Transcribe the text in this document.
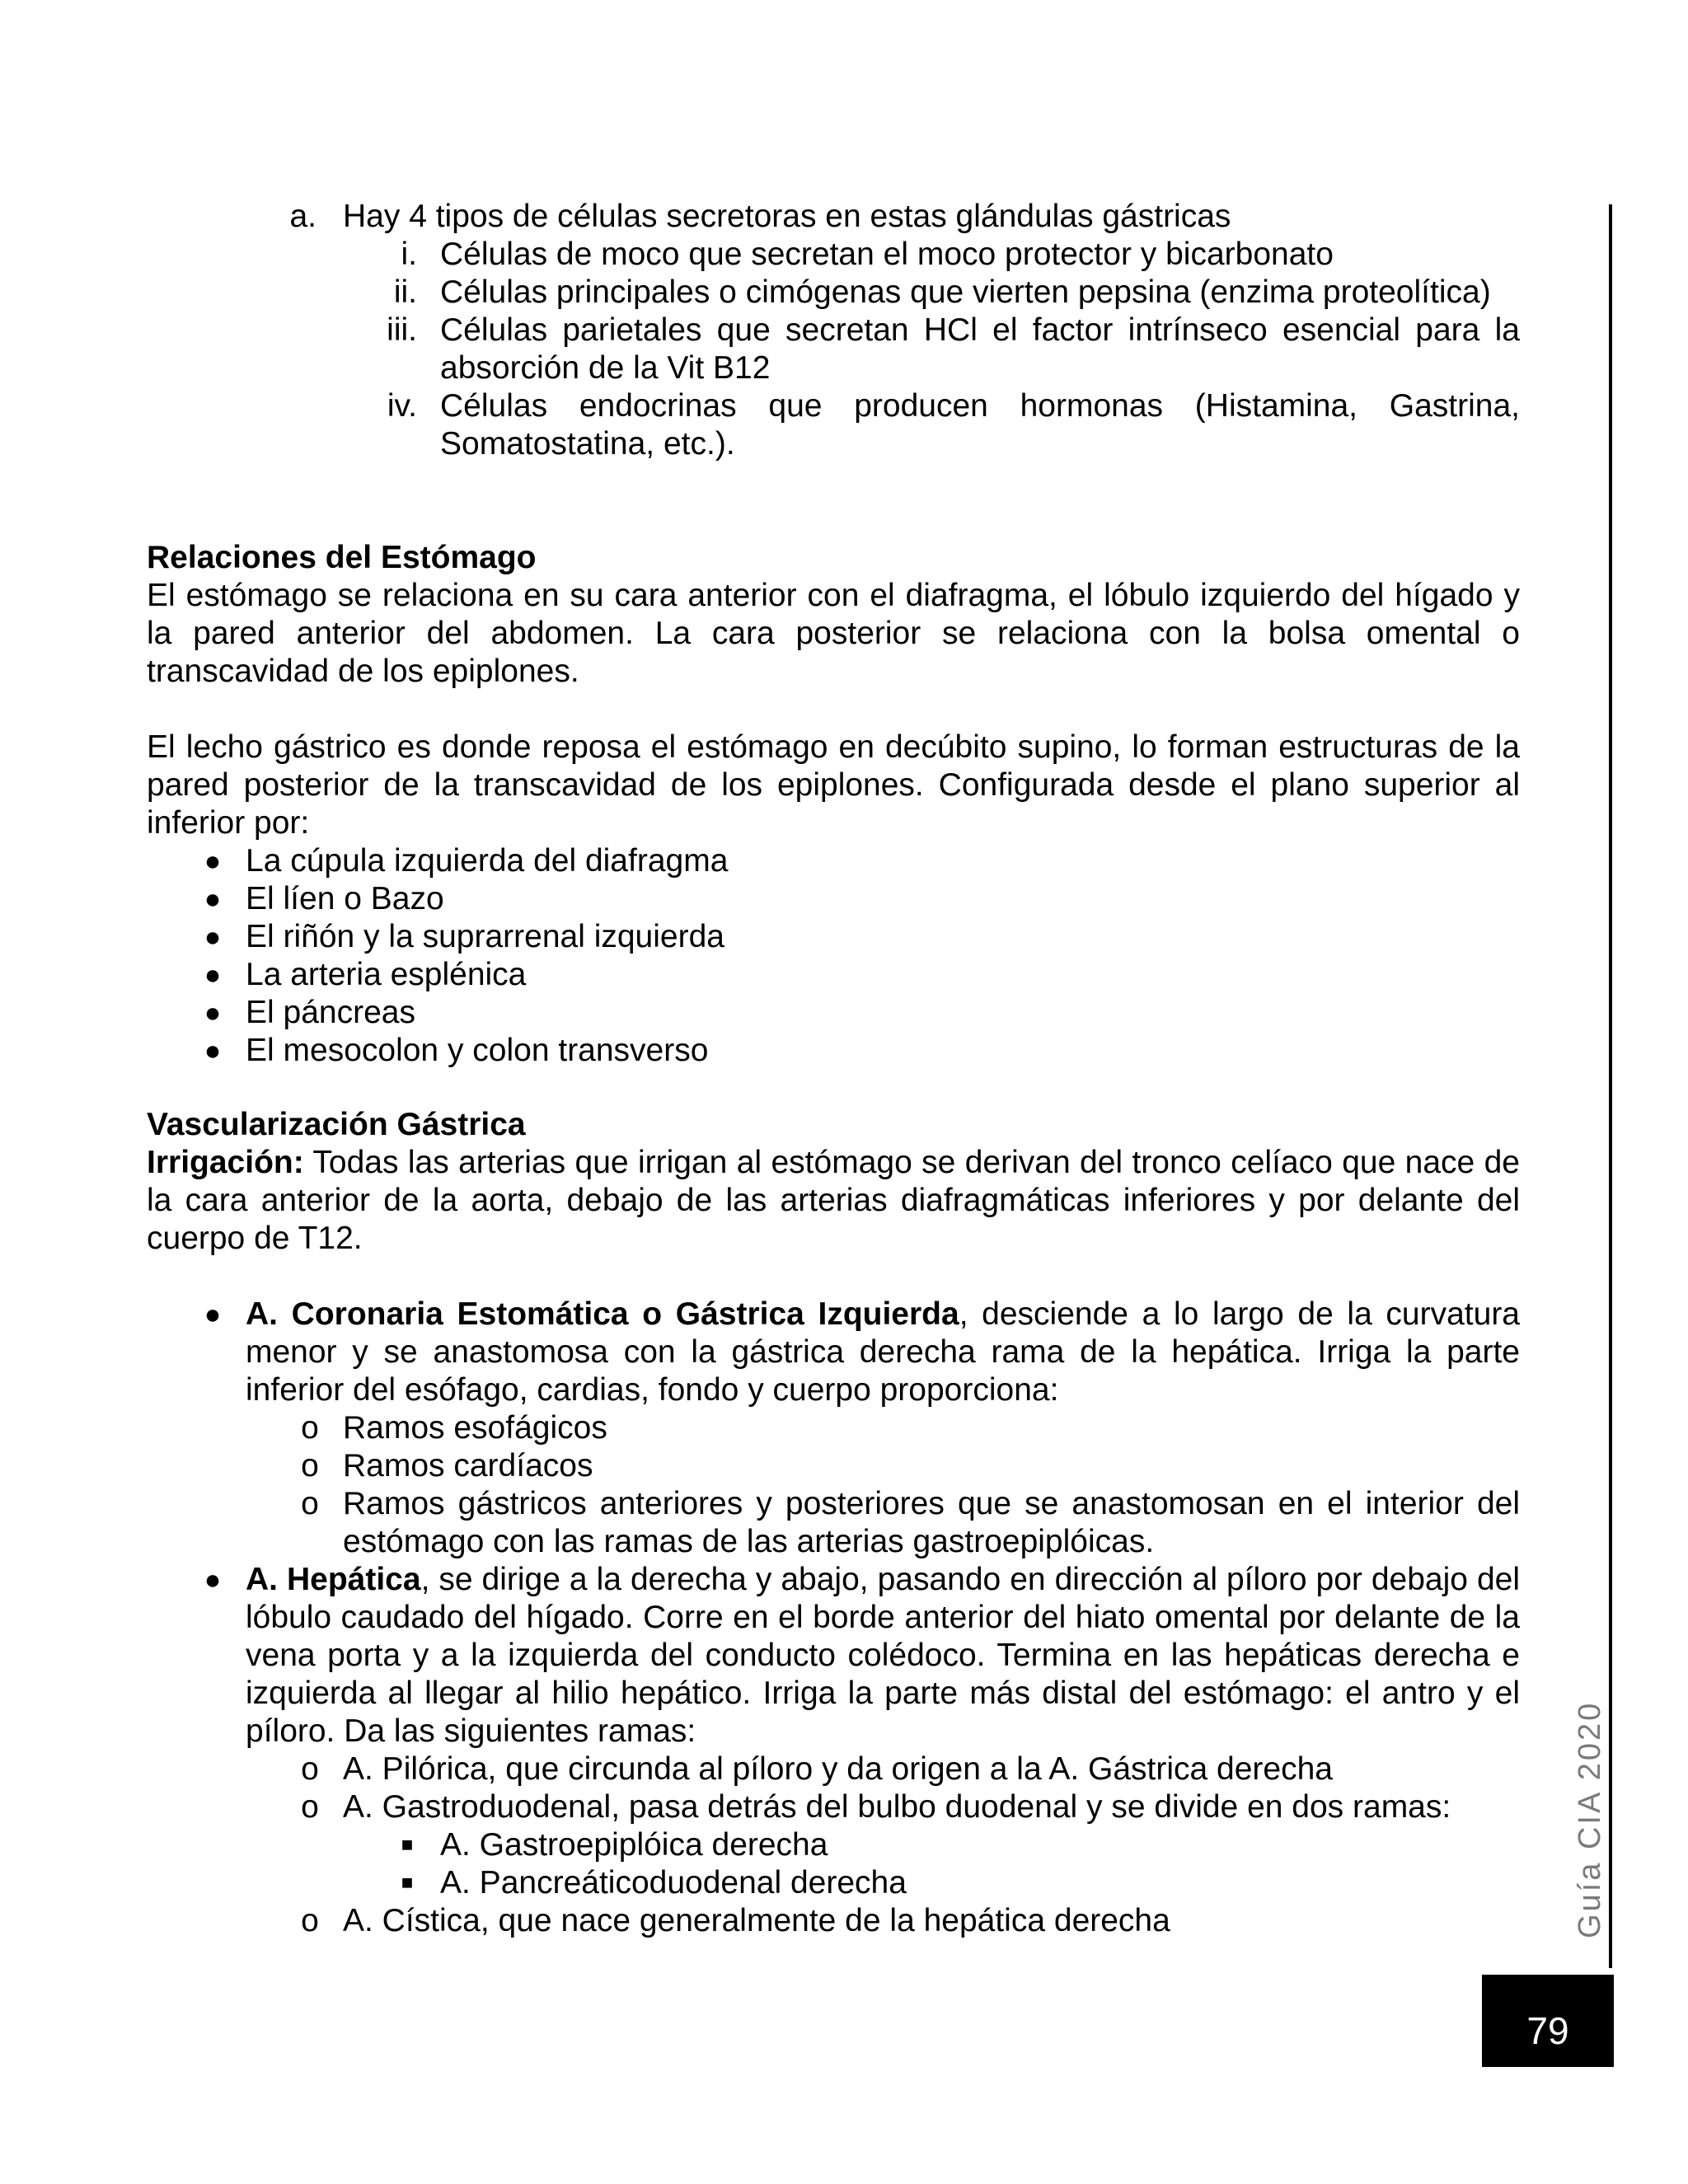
a. Hay 4 tipos de células secretoras en estas glándulas gástricas
i. Células de moco que secretan el moco protector y bicarbonato
ii. Células principales o cimógenas que vierten pepsina (enzima proteolítica)
iii. Células parietales que secretan HCl el factor intrínseco esencial para la absorción de la Vit B12
iv. Células endocrinas que producen hormonas (Histamina, Gastrina, Somatostatina, etc.).
Relaciones del Estómago

El estómago se relaciona en su cara anterior con el diafragma, el lóbulo izquierdo del hígado y la pared anterior del abdomen. La cara posterior se relaciona con la bolsa omental o transcavidad de los epiplones.

El lecho gástrico es donde reposa el estómago en decúbito supino, lo forman estructuras de la pared posterior de la transcavidad de los epiplones. Configurada desde el plano superior al inferior por:

● La cúpula izquierda del diafragma
● El líen o Bazo
● El riñón y la suprarrenal izquierda
● La arteria esplénica
● El páncreas
● El mesocolon y colon transverso
Vascularización Gástrica

Irrigación: Todas las arterias que irrigan al estómago se derivan del tronco celíaco que nace de la cara anterior de la aorta, debajo de las arterias diafragmáticas inferiores y por delante del cuerpo de T12.

● A. Coronaria Estomática o Gástrica Izquierda, desciende a lo largo de la curvatura menor y se anastomosa con la gástrica derecha rama de la hepática. Irriga la parte inferior del esófago, cardias, fondo y cuerpo proporciona:
o Ramos esofágicos
o Ramos cardíacos
o Ramos gástricos anteriores y posteriores que se anastomosan en el interior del estómago con las ramas de las arterias gastroepiplóicas.
● A. Hepática, se dirige a la derecha y abajo, pasando en dirección al píloro por debajo del lóbulo caudado del hígado. Corre en el borde anterior del hiato omental por delante de la vena porta y a la izquierda del conducto colédoco. Termina en las hepáticas derecha e izquierda al llegar al hilio hepático. Irriga la parte más distal del estómago: el antro y el píloro. Da las siguientes ramas:
o A. Pilórica, que circunda al píloro y da origen a la A. Gástrica derecha
o A. Gastroduodenal, pasa detrás del bulbo duodenal y se divide en dos ramas:
■ A. Gastroepiplóica derecha
■ A. Pancreáticoduodenal derecha
o A. Cística, que nace generalmente de la hepática derecha	Guía CIA 2020
79
